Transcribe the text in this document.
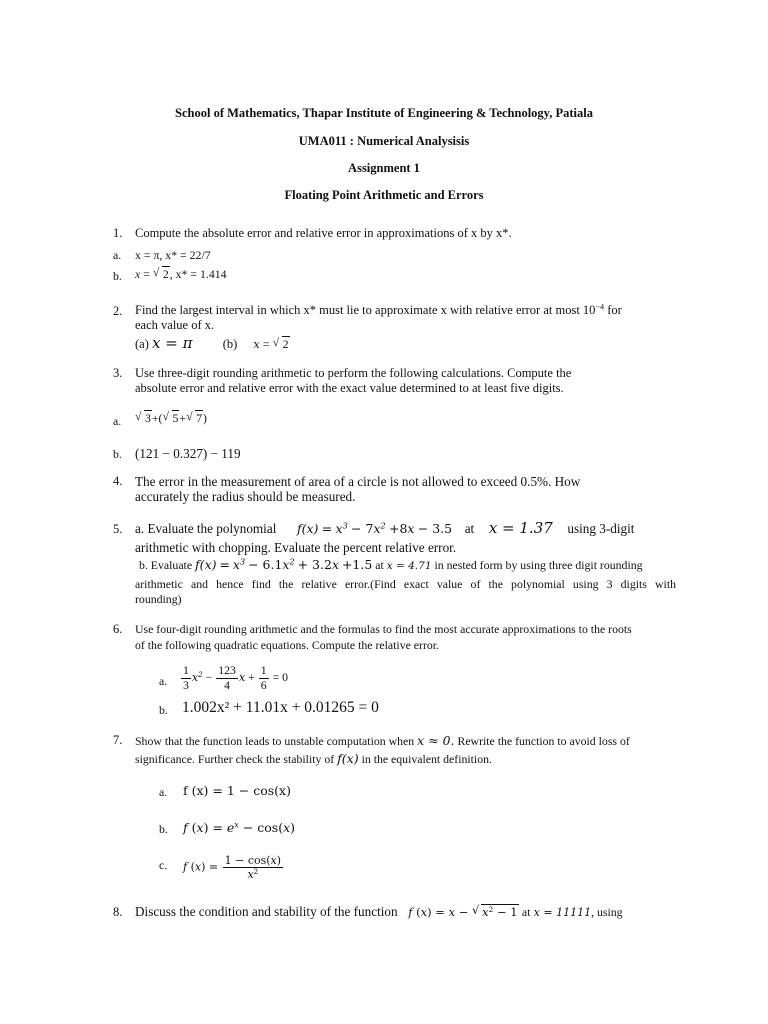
School of Mathematics, Thapar Institute of Engineering & Technology, Patiala
UMA011 : Numerical Analysisis
Assignment 1
Floating Point Arithmetic and Errors
1. Compute the absolute error and relative error in approximations of x by x*.
a. x = π, x* = 22/7
b. x = √ 2, x* = 1.414
2. Find the largest interval in which x* must lie to approximate x with relative error at most $10^{-4}$ for
each value of x.
(a) x = π (b) x = √ 2
3. Use three-digit rounding arithmetic to perform the following calculations. Compute the
absolute error and relative error with the exact value determined to at least five digits.
a.	√ 3+( √ 5+ √ 7)
b. (121 − 0.327) − 119
4. The error in the measurement of area of a circle is not allowed to exceed 0.5%. How
accurately the radius should be measured.
5. a. Evaluate the polynomial $f(x) = x^3 - 7x^2 +8x - 3.5$ at x = 1.37 using 3-digit
arithmetic with chopping. Evaluate the percent relative error.
b. Evaluate $f(x) = x^3 - 6.1x^2 + 3.2x +1.5$ at x = 4.71 in nested form by using three digit rounding
arithmetic and hence find the relative error.(Find exact value of the polynomial using 3 digits with
rounding)
6. Use four-digit rounding arithmetic and the formulas to find the most accurate approximations to the roots
of the following quadratic equations. Compute the relative error.
a. $\frac{1}{3} x^2 - \frac{123}{4}$ $x + \frac{1}{6} = 0$
b. 1.002x² + 11.01x + 0.01265 = 0
7. Show that the function leads to unstable computation when x ≈ 0. Rewrite the function to avoid loss of
significance. Further check the stability of f(x) in the equivalent definition.
a. f (x) = 1 − cos(x)
b. f $(x) = e^x - \cos(x)$
c. f $(x) = \frac{1 - \cos(x)}{x^2}$
8. Discuss the condition and stability of the function f (x) = x − √ $x^2 - 1$ at x = 11111, using
